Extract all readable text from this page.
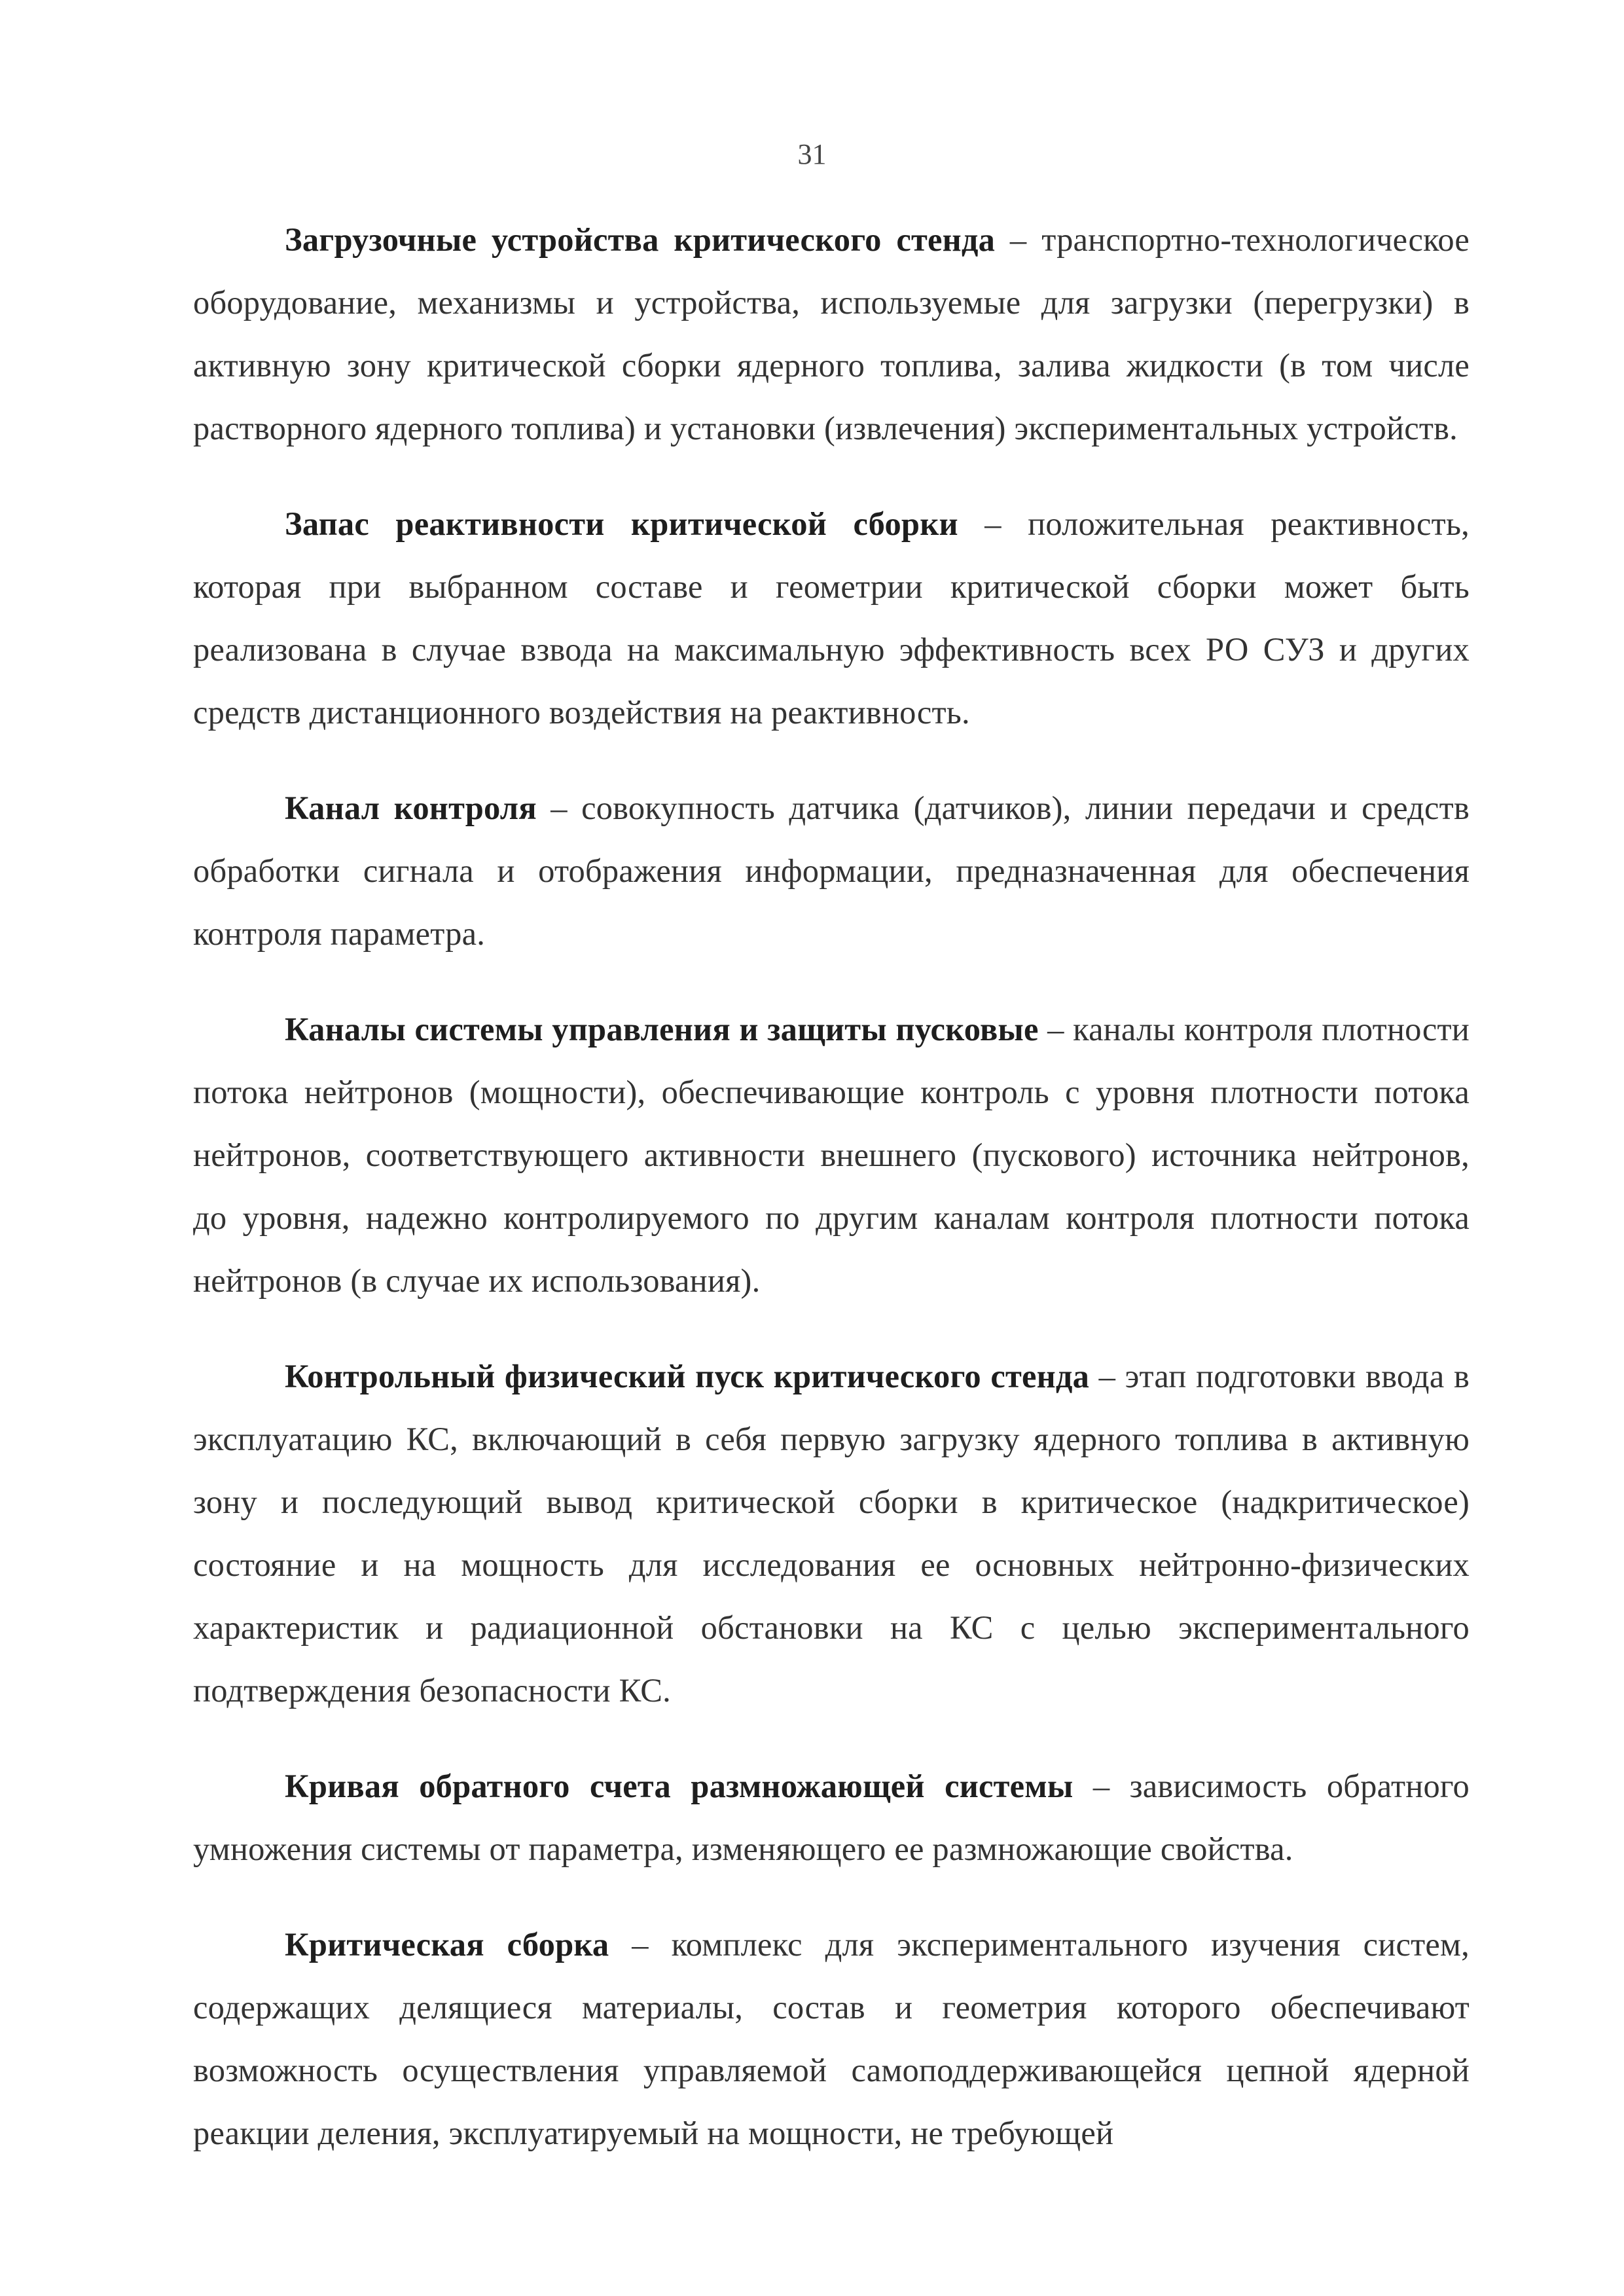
31

Загрузочные устройства критического стенда – транспортно-технологическое оборудование, механизмы и устройства, используемые для загрузки (перегрузки) в активную зону критической сборки ядерного топлива, залива жидкости (в том числе растворного ядерного топлива) и установки (извлечения) экспериментальных устройств.

Запас реактивности критической сборки – положительная реактивность, которая при выбранном составе и геометрии критической сборки может быть реализована в случае взвода на максимальную эффективность всех РО СУЗ и других средств дистанционного воздействия на реактивность.

Канал контроля – совокупность датчика (датчиков), линии передачи и средств обработки сигнала и отображения информации, предназначенная для обеспечения контроля параметра.

Каналы системы управления и защиты пусковые – каналы контроля плотности потока нейтронов (мощности), обеспечивающие контроль с уровня плотности потока нейтронов, соответствующего активности внешнего (пускового) источника нейтронов, до уровня, надежно контролируемого по другим каналам контроля плотности потока нейтронов (в случае их использования).

Контрольный физический пуск критического стенда – этап подготовки ввода в эксплуатацию КС, включающий в себя первую загрузку ядерного топлива в активную зону и последующий вывод критической сборки в критическое (надкритическое) состояние и на мощность для исследования ее основных нейтронно-физических характеристик и радиационной обстановки на КС с целью экспериментального подтверждения безопасности КС.

Кривая обратного счета размножающей системы – зависимость обратного умножения системы от параметра, изменяющего ее размножающие свойства.

Критическая сборка – комплекс для экспериментального изучения систем, содержащих делящиеся материалы, состав и геометрия которого обеспечивают возможность осуществления управляемой самоподдерживающейся цепной ядерной реакции деления, эксплуатируемый на мощности, не требующей
